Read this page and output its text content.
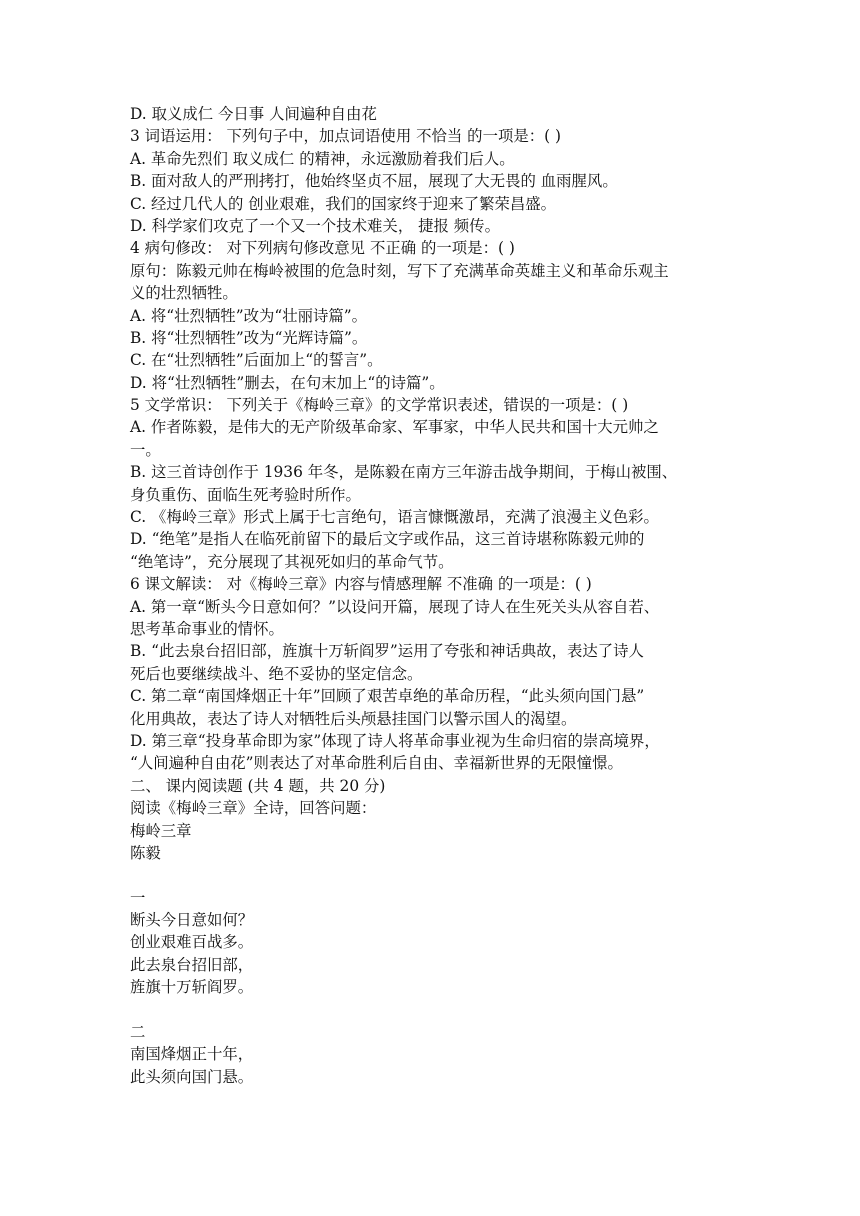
D. 取义成仁 今日事 人间遍种自由花
3 词语运用： 下列句子中，加点词语使用 不恰当 的一项是：( )
A. 革命先烈们 取义成仁 的精神，永远激励着我们后人。
B. 面对敌人的严刑拷打，他始终坚贞不屈，展现了大无畏的 血雨腥风。
C. 经过几代人的 创业艰难，我们的国家终于迎来了繁荣昌盛。
D. 科学家们攻克了一个又一个技术难关， 捷报 频传。
4 病句修改： 对下列病句修改意见 不正确 的一项是：( )
原句：陈毅元帅在梅岭被围的危急时刻，写下了充满革命英雄主义和革命乐观主
义的壮烈牺牲。
A. 将“壮烈牺牲”改为“壮丽诗篇”。
B. 将“壮烈牺牲”改为“光辉诗篇”。
C. 在“壮烈牺牲”后面加上“的誓言”。
D. 将“壮烈牺牲”删去，在句末加上“的诗篇”。
5 文学常识： 下列关于《梅岭三章》的文学常识表述，错误的一项是：( )
A. 作者陈毅，是伟大的无产阶级革命家、军事家，中华人民共和国十大元帅之
一。
B. 这三首诗创作于 1936 年冬，是陈毅在南方三年游击战争期间，于梅山被围、
身负重伤、面临生死考验时所作。
C. 《梅岭三章》形式上属于七言绝句，语言慷慨激昂，充满了浪漫主义色彩。
D. “绝笔”是指人在临死前留下的最后文字或作品，这三首诗堪称陈毅元帅的
“绝笔诗”，充分展现了其视死如归的革命气节。
6 课文解读： 对《梅岭三章》内容与情感理解 不准确 的一项是：( )
A. 第一章“断头今日意如何？”以设问开篇，展现了诗人在生死关头从容自若、
思考革命事业的情怀。
B. “此去泉台招旧部，旌旗十万斩阎罗”运用了夸张和神话典故，表达了诗人
死后也要继续战斗、绝不妥协的坚定信念。
C. 第二章“南国烽烟正十年”回顾了艰苦卓绝的革命历程，“此头须向国门悬”
化用典故，表达了诗人对牺牲后头颅悬挂国门以警示国人的渴望。
D. 第三章“投身革命即为家”体现了诗人将革命事业视为生命归宿的崇高境界，
“人间遍种自由花”则表达了对革命胜利后自由、幸福新世界的无限憧憬。
二、 课内阅读题 (共 4 题，共 20 分)
阅读《梅岭三章》全诗，回答问题：
梅岭三章
陈毅
一
断头今日意如何？
创业艰难百战多。
此去泉台招旧部，
旌旗十万斩阎罗。
二
南国烽烟正十年，
此头须向国门悬。
